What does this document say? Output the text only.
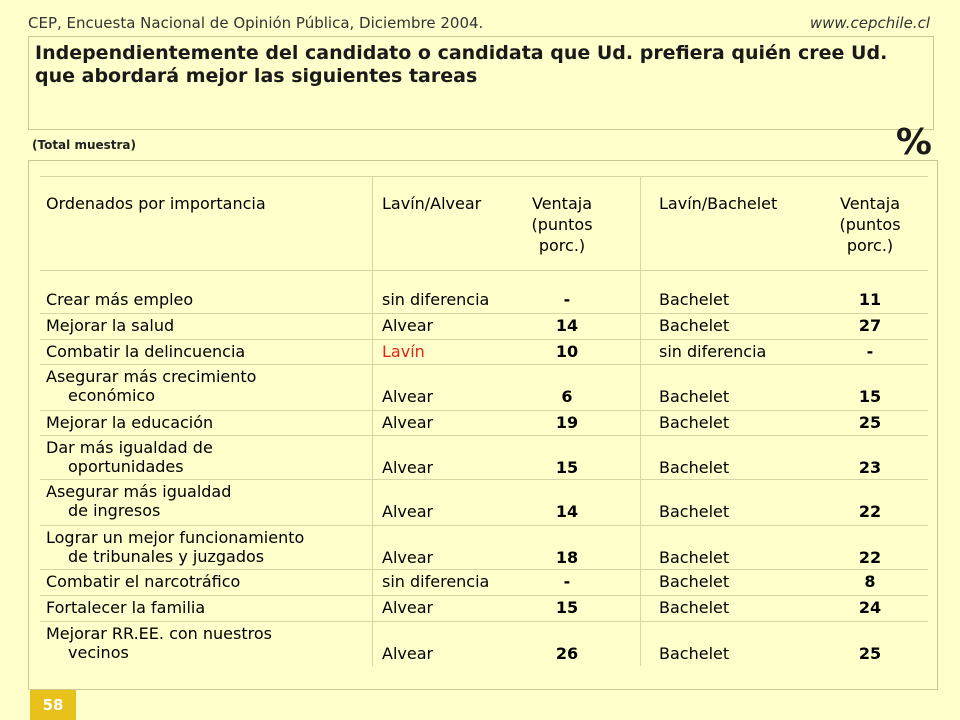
CEP, Encuesta Nacional de Opinión Pública, Diciembre 2004.	www.cepchile.cl
Independientemente del candidato o candidata que Ud. prefiera quién cree Ud. que abordará mejor las siguientes tareas
(Total muestra)	%
Ordenados por importancia	Lavín/Alvear	Ventaja
(puntos
porc.)
Lavín/Bachelet	Ventaja
(puntos
porc.)
Crear más empleo	sin diferencia	-	Bachelet	11
Mejorar la salud	Alvear	14	Bachelet	27
Combatir la delincuencia	Lavín	10	sin diferencia	-
Asegurar más crecimiento
económico	Alvear	6	Bachelet	15
Mejorar la educación	Alvear	19	Bachelet	25
Dar más igualdad de
oportunidades	Alvear	15	Bachelet	23
Asegurar más igualdad
de ingresos	Alvear	14	Bachelet	22
Lograr un mejor funcionamiento
de tribunales y juzgados	Alvear	18	Bachelet	22
Combatir el narcotráfico	sin diferencia	-	Bachelet	8
Fortalecer la familia	Alvear	15	Bachelet	24
Mejorar RR.EE. con nuestros
vecinos	Alvear	26	Bachelet	25
58
